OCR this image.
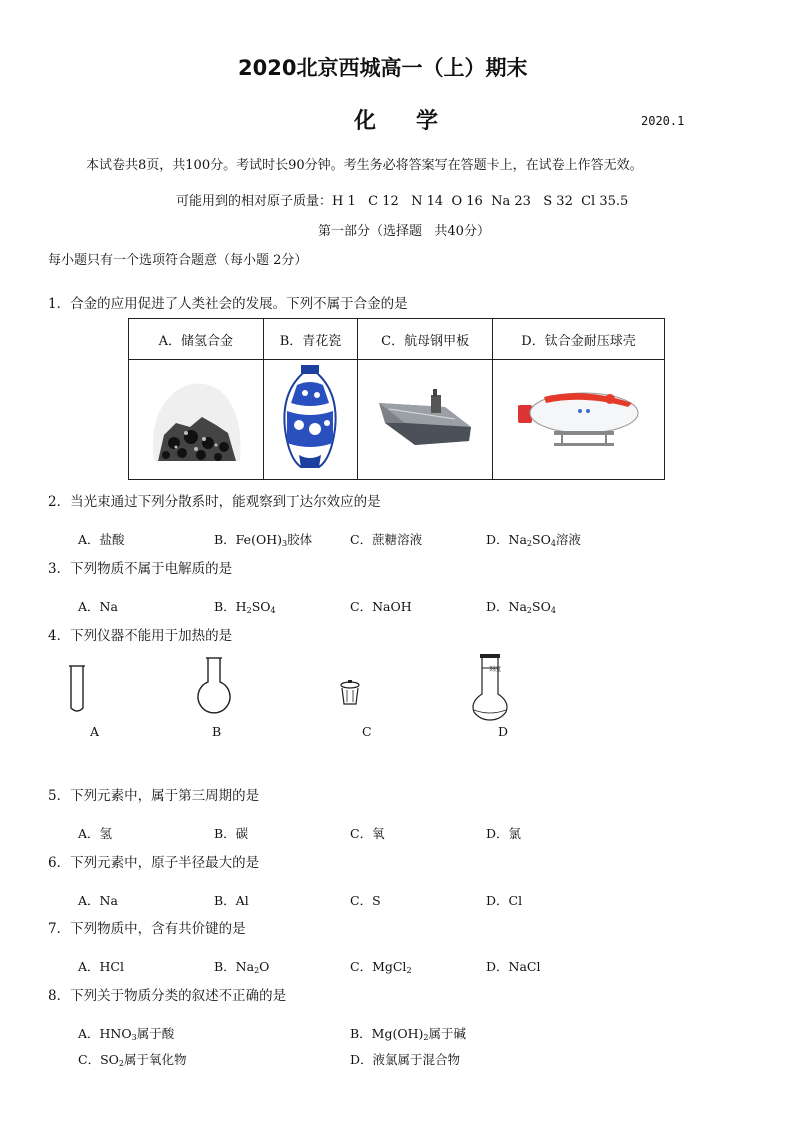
2020北京西城高一（上）期末
化学	2020.1
本试卷共8页，共100分。考试时长90分钟。考生务必将答案写在答题卡上，在试卷上作答无效。
可能用到的相对原子质量：H 1   C 12   N 14  O 16  Na 23   S 32  Cl 35.5
第一部分（选择题   共40分）
每小题只有一个选项符合题意（每小题 2分）
1．合金的应用促进了人类社会的发展。下列不属于合金的是
A．储氢合金	B．青花瓷	C．航母钢甲板	D．钛合金耐压球壳

2．当光束通过下列分散系时，能观察到丁达尔效应的是
A．盐酸	B．$Fe(OH)_3$胶体	C．蔗糖溶液	D．$Na_2SO_4$溶液
3．下列物质不属于电解质的是
A．Na	B．$H_2SO_4$	C．NaOH	D．$Na_2SO_4$
4．下列仪器不能用于加热的是
刻度
A	B	C	D
5．下列元素中，属于第三周期的是
A．氢	B．碳	C．氧	D．氯
6．下列元素中，原子半径最大的是
A．Na	B．Al	C．S	D．Cl
7．下列物质中，含有共价键的是
A．HCl	B．$Na_2O$	C．MgCl$_2$	D．NaCl
8．下列关于物质分类的叙述不正确的是
A．$HNO_3$属于酸	B．$Mg(OH)_2$属于碱
C．$SO_2$属于氧化物	D．液氯属于混合物
